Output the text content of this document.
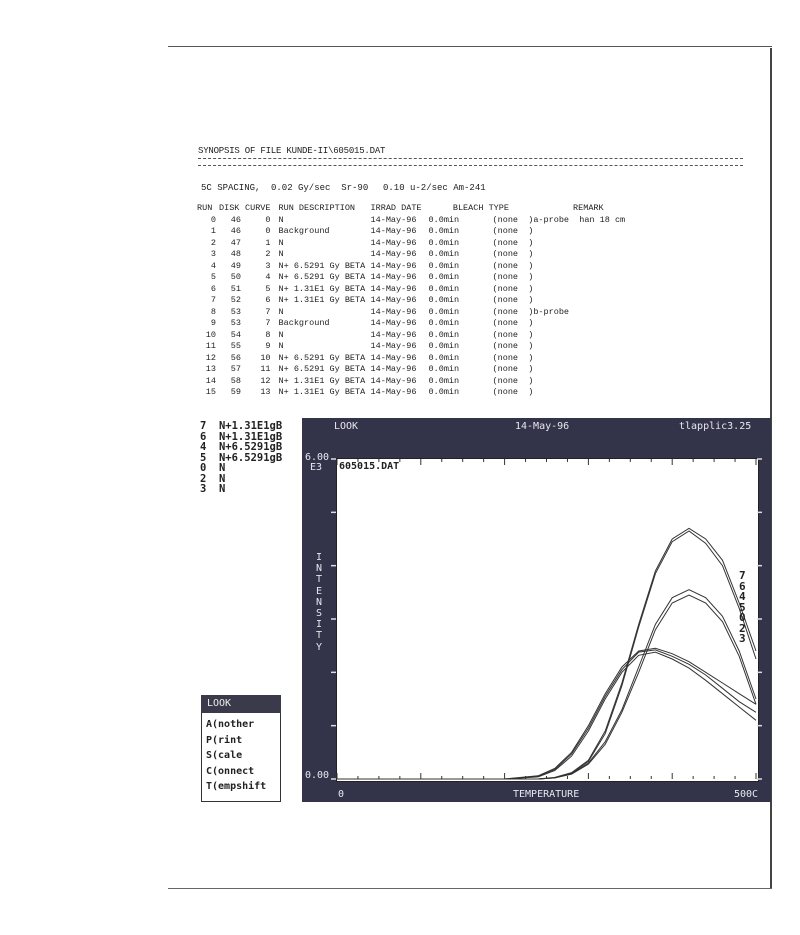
SYNOPSIS OF FILE KUNDE-II\605015.DAT
5C SPACING, 0.02 Gy/sec  Sr-90 0.10 u-2/sec Am-241
RUN	DISK	CURVE	RUN DESCRIPTION	IRRAD DATE	BLEACH TYPE		REMARK
0	46	0	N	14-May-96	0.0min	(none  )	a-probe  han 18 cm
1	46	0	Background	14-May-96	0.0min	(none  )	
2	47	1	N	14-May-96	0.0min	(none  )	
3	48	2	N	14-May-96	0.0min	(none  )	
4	49	3	N+ 6.5291 Gy BETA	14-May-96	0.0min	(none  )	
5	50	4	N+ 6.5291 Gy BETA	14-May-96	0.0min	(none  )	
6	51	5	N+ 1.31E1 Gy BETA	14-May-96	0.0min	(none  )	
7	52	6	N+ 1.31E1 Gy BETA	14-May-96	0.0min	(none  )	
8	53	7	N	14-May-96	0.0min	(none  )	b-probe
9	53	7	Background	14-May-96	0.0min	(none  )	
10	54	8	N	14-May-96	0.0min	(none  )	
11	55	9	N	14-May-96	0.0min	(none  )	
12	56	10	N+ 6.5291 Gy BETA	14-May-96	0.0min	(none  )	
13	57	11	N+ 6.5291 Gy BETA	14-May-96	0.0min	(none  )	
14	58	12	N+ 1.31E1 Gy BETA	14-May-96	0.0min	(none  )	
15	59	13	N+ 1.31E1 Gy BETA	14-May-96	0.0min	(none  )	
7  N+1.31E1gB
6  N+1.31E1gB
4  N+6.5291gB
5  N+6.5291gB
0  N
2  N
3  N
LOOK
A(nother
P(rint
S(cale
C(onnect
T(empshift
LOOK	14-May-96	tlapplic3.25
6.00
E3
0.00
0	TEMPERATURE	500C
I
N
T
E
N
S
I
T
Y
605015.DAT
7
6
4
5
0
2
3
